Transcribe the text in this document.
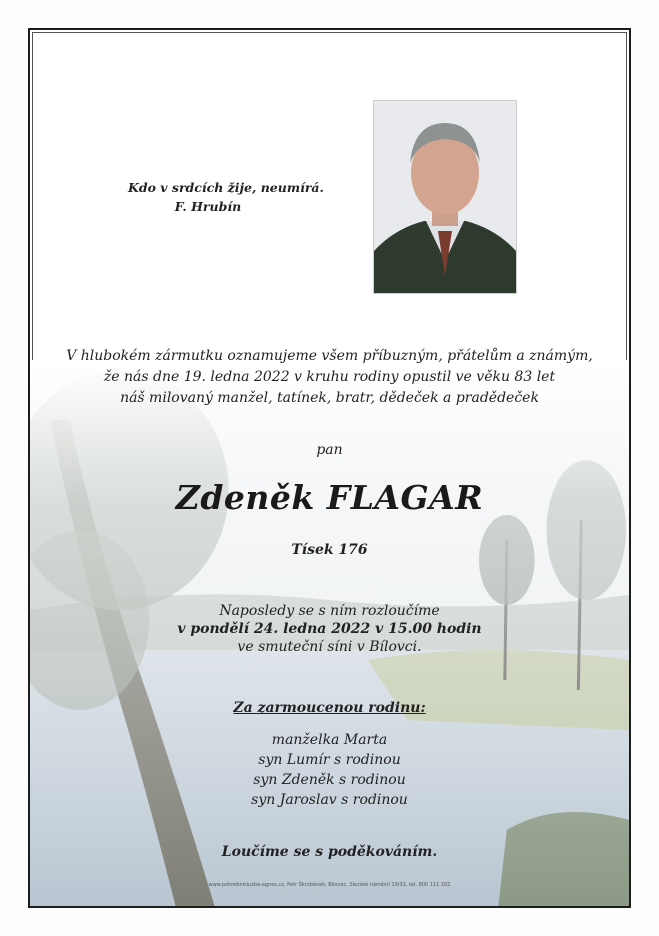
Kdo v srdcích žije, neumírá.
F. Hrubín
V hlubokém zármutku oznamujeme všem příbuzným, přátelům a známým,
že nás dne 19. ledna 2022 v kruhu rodiny opustil ve věku 83 let
náš milovaný manžel, tatínek, bratr, dědeček a pradědeček
pan
Zdeněk FLAGAR
Tísek 176
Naposledy se s ním rozloučíme
v pondělí 24. ledna 2022 v 15.00 hodin
ve smuteční síni v Bílovci.
Za zarmoucenou rodinu:
manželka Marta
syn Lumír s rodinou
syn Zdeněk s rodinou
syn Jaroslav s rodinou
Loučíme se s poděkováním.
www.pohrebnisluzba-agnes.cz, Petr Škrobánek, Bílovec, Slezské náměstí 19/32, tel. 800 111 202
